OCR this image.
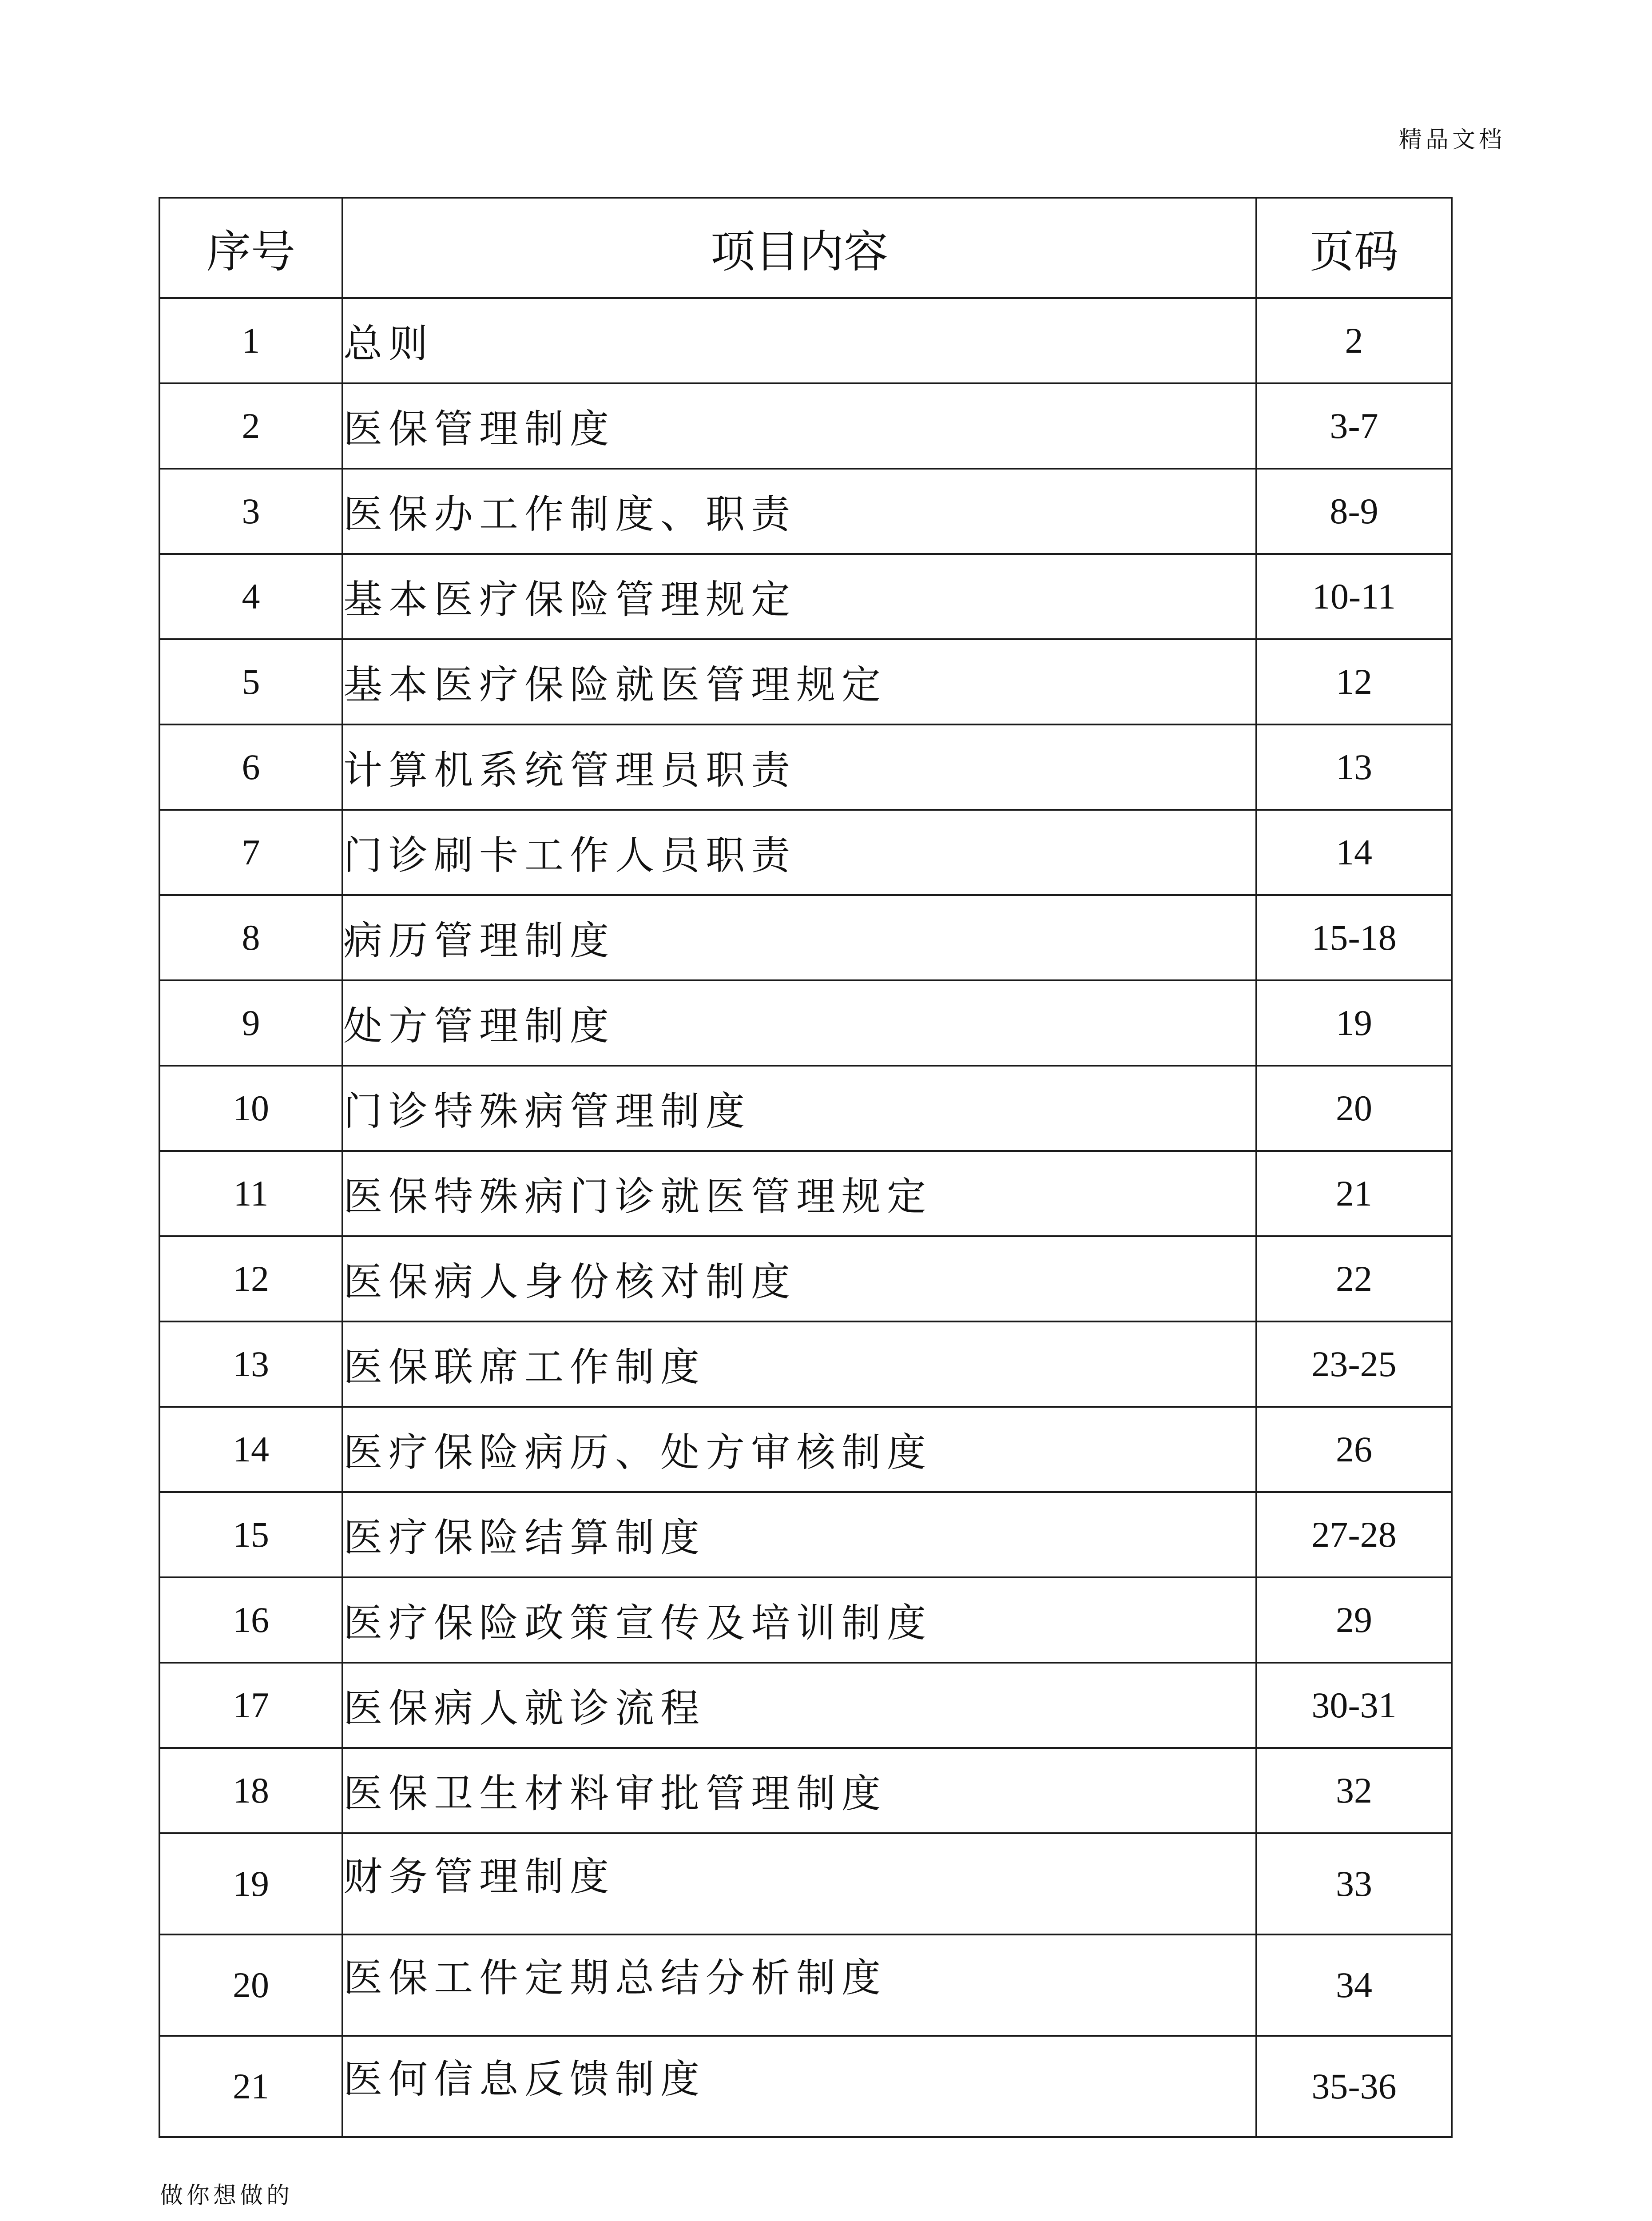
精品文档
序号	项目内容	页码
1	总则	2
2	医保管理制度	3-7
3	医保办工作制度、职责	8-9
4	基本医疗保险管理规定	10-11
5	基本医疗保险就医管理规定	12
6	计算机系统管理员职责	13
7	门诊刷卡工作人员职责	14
8	病历管理制度	15-18
9	处方管理制度	19
10	门诊特殊病管理制度	20
11	医保特殊病门诊就医管理规定	21
12	医保病人身份核对制度	22
13	医保联席工作制度	23-25
14	医疗保险病历、处方审核制度	26
15	医疗保险结算制度	27-28
16	医疗保险政策宣传及培训制度	29
17	医保病人就诊流程	30-31
18	医保卫生材料审批管理制度	32
19	财务管理制度	33
20	医保工件定期总结分析制度	34
21	医何信息反馈制度	35-36
做你想做的
